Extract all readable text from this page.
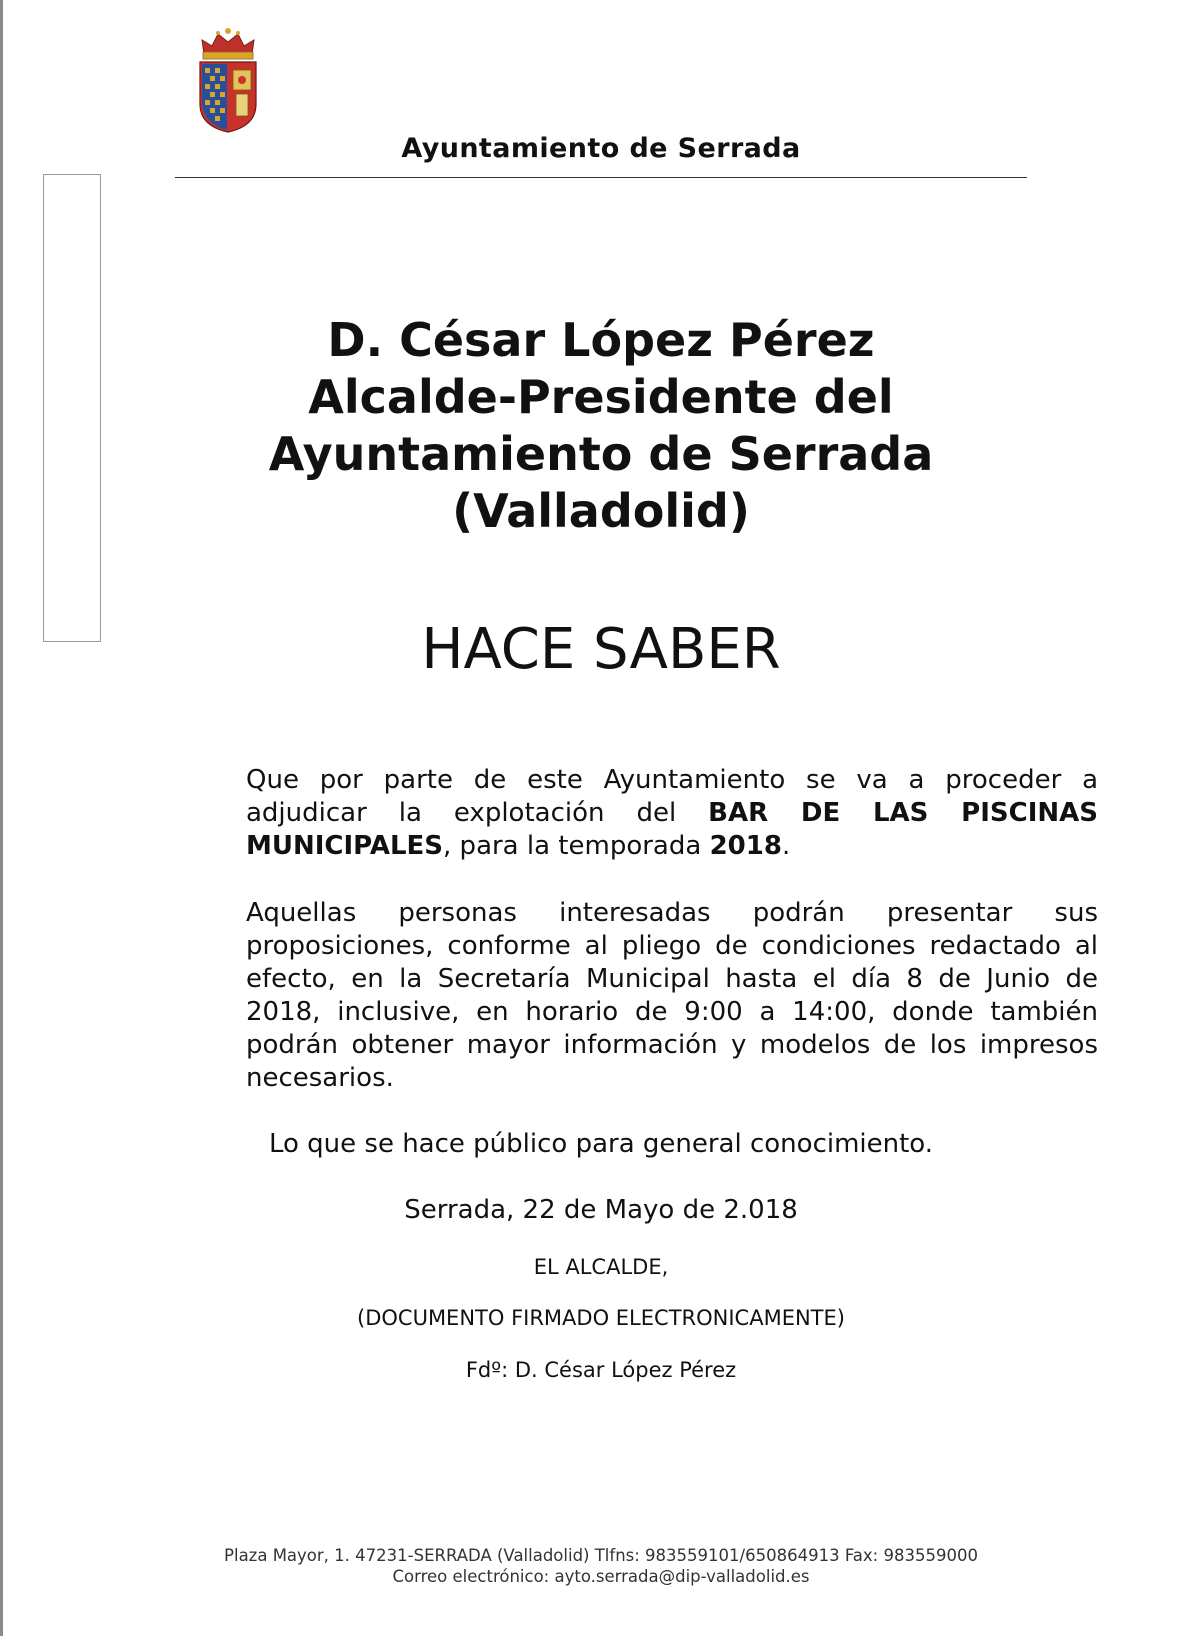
Ayuntamiento de Serrada
D. César López Pérez
Alcalde-Presidente del
Ayuntamiento de Serrada
(Valladolid)
HACE SABER

Que por parte de este Ayuntamiento se va a proceder a adjudicar la explotación del BAR DE LAS PISCINAS MUNICIPALES, para la temporada 2018.

Aquellas personas interesadas podrán presentar sus proposiciones, conforme al pliego de condiciones redactado al efecto, en la Secretaría Municipal hasta el día 8 de Junio de 2018, inclusive, en horario de 9:00 a 14:00, donde también podrán obtener mayor información y modelos de los impresos necesarios.

Lo que se hace público para general conocimiento.

Serrada, 22 de Mayo de 2.018

EL ALCALDE,

(DOCUMENTO FIRMADO ELECTRONICAMENTE)

Fdº: D. César López Pérez

Plaza Mayor, 1. 47231-SERRADA (Valladolid) Tlfns: 983559101/650864913 Fax: 983559000

Correo electrónico: ayto.serrada@dip-valladolid.es
